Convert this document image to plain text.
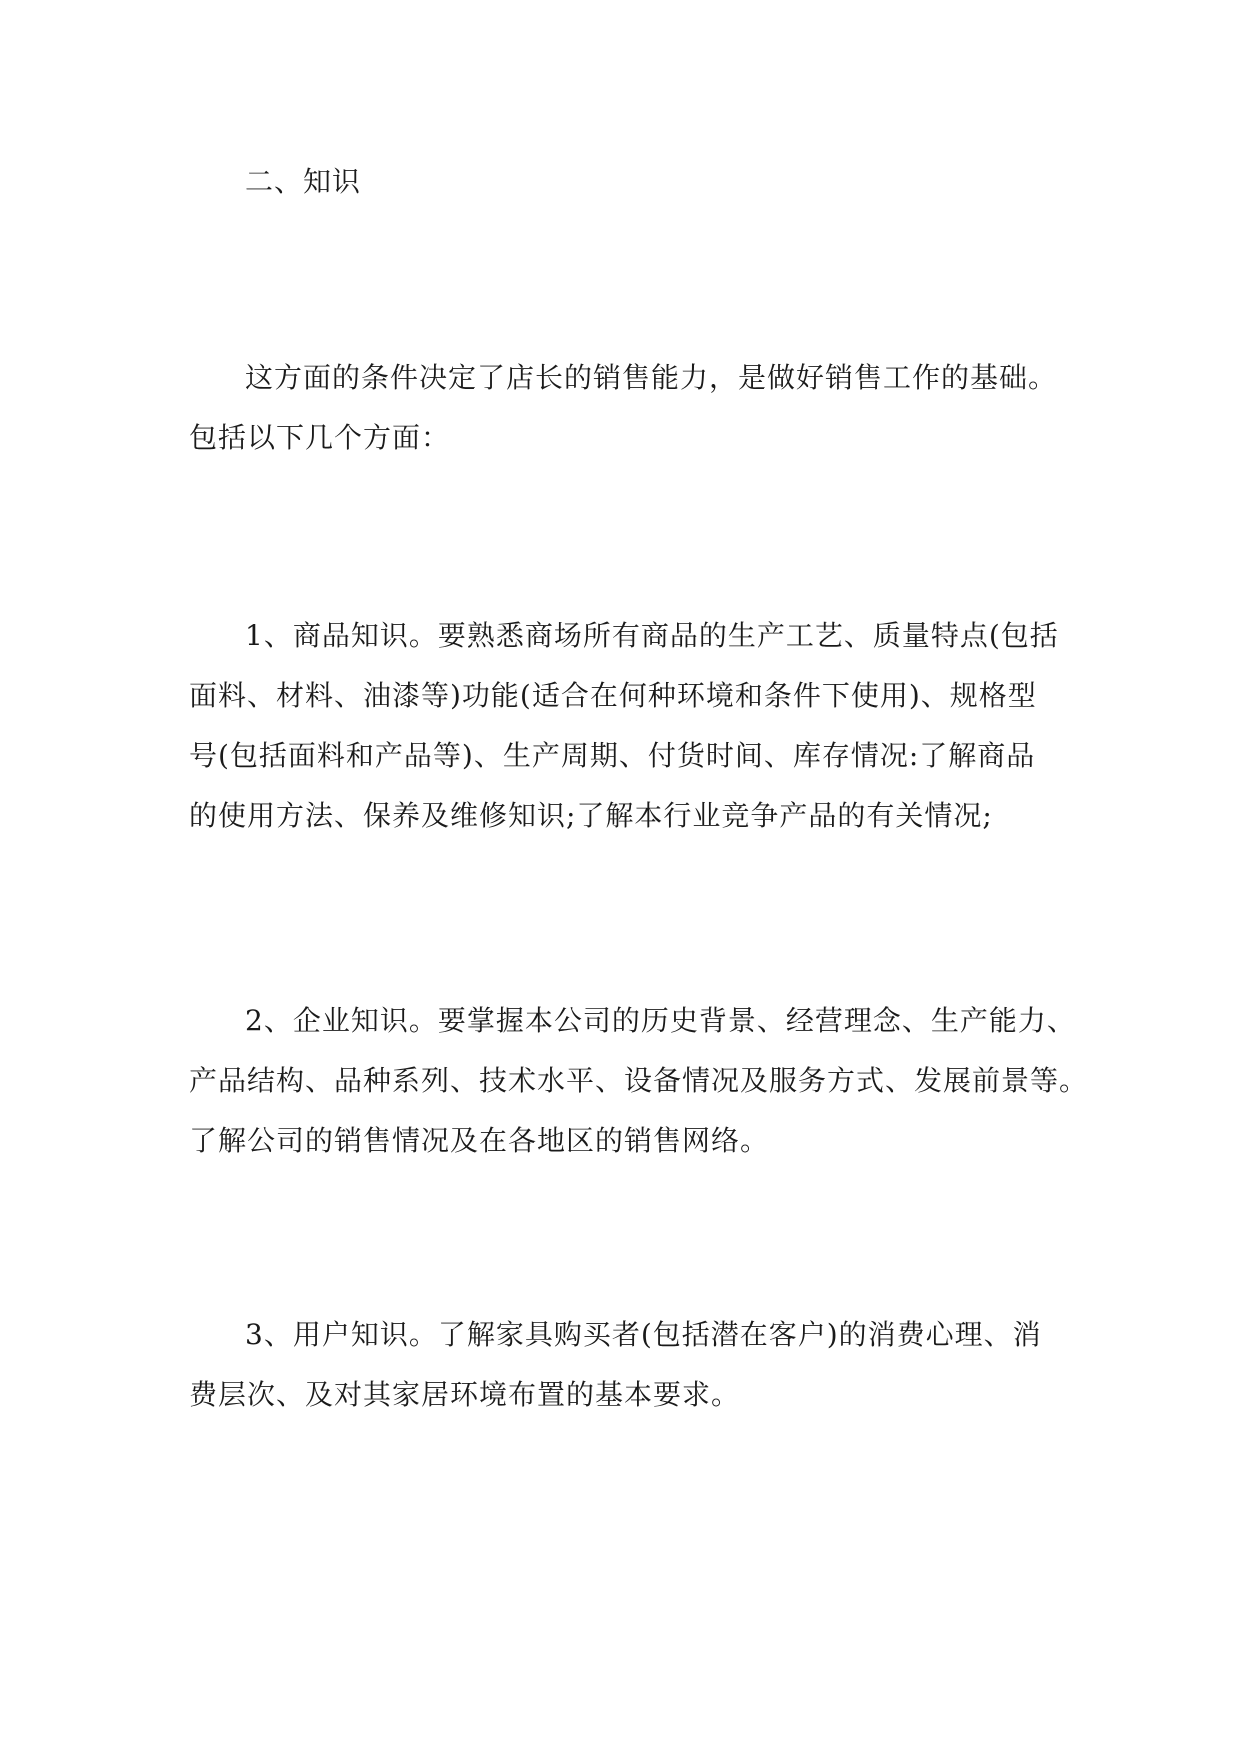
二、知识
这方面的条件决定了店长的销售能力，是做好销售工作的基础。
包括以下几个方面：
1、商品知识。要熟悉商场所有商品的生产工艺、质量特点(包括
面料、材料、油漆等)功能(适合在何种环境和条件下使用)、规格型
号(包括面料和产品等)、生产周期、付货时间、库存情况:了解商品
的使用方法、保养及维修知识;了解本行业竞争产品的有关情况;
2、企业知识。要掌握本公司的历史背景、经营理念、生产能力、
产品结构、品种系列、技术水平、设备情况及服务方式、发展前景等。
了解公司的销售情况及在各地区的销售网络。
3、用户知识。了解家具购买者(包括潜在客户)的消费心理、消
费层次、及对其家居环境布置的基本要求。
